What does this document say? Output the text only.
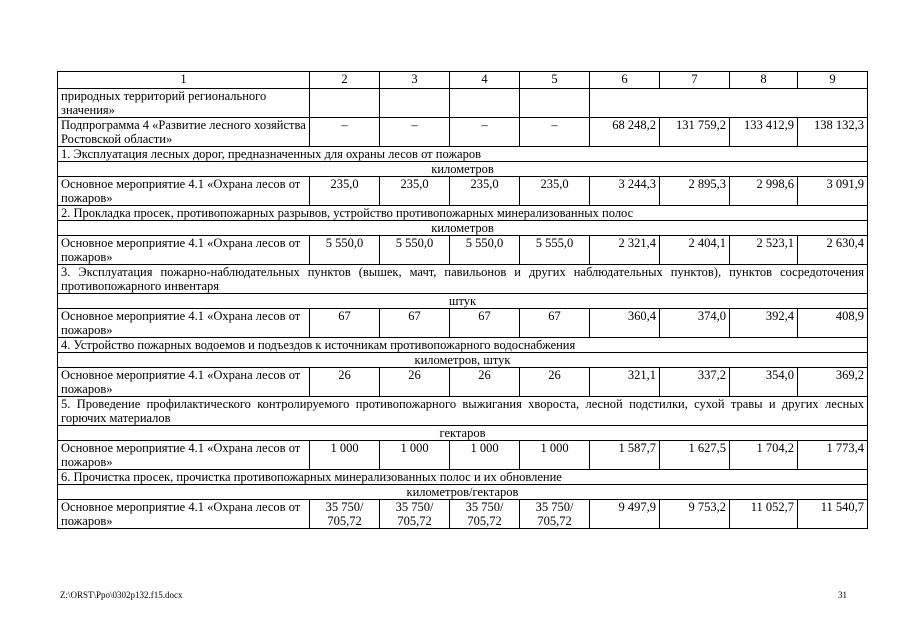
1	2	3	4	5	6	7	8	9
природных территорий регионального значения»								
Подпрограмма 4 «Развитие лесного хозяйства Ростовской области»	–	–	–	–	68 248,2	131 759,2	133 412,9	138 132,3
1. Эксплуатация лесных дорог, предназначенных для охраны лесов от пожаров								
километров								
Основное мероприятие 4.1 «Охрана лесов от пожаров»	235,0	235,0	235,0	235,0	3 244,3	2 895,3	2 998,6	3 091,9
2. Прокладка просек, противопожарных разрывов, устройство противопожарных минерализованных полос								
километров								
Основное мероприятие 4.1 «Охрана лесов от пожаров»	5 550,0	5 550,0	5 550,0	5 555,0	2 321,4	2 404,1	2 523,1	2 630,4
3. Эксплуатация пожарно-наблюдательных пунктов (вышек, мачт, павильонов и других наблюдательных пунктов), пунктов сосредоточения противопожарного инвентаря								
штук								
Основное мероприятие 4.1 «Охрана лесов от пожаров»	67	67	67	67	360,4	374,0	392,4	408,9
4. Устройство пожарных водоемов и подъездов к источникам противопожарного водоснабжения								
километров, штук								
Основное мероприятие 4.1 «Охрана лесов от пожаров»	26	26	26	26	321,1	337,2	354,0	369,2
5. Проведение профилактического контролируемого противопожарного выжигания хвороста, лесной подстилки, сухой травы и других лесных горючих материалов								
гектаров								
Основное мероприятие 4.1 «Охрана лесов от пожаров»	1 000	1 000	1 000	1 000	1 587,7	1 627,5	1 704,2	1 773,4
6. Прочистка просек, прочистка противопожарных минерализованных полос и их обновление								
километров/гектаров								
Основное мероприятие 4.1 «Охрана лесов от пожаров»	35 750/ 705,72	35 750/ 705,72	35 750/ 705,72	35 750/ 705,72	9 497,9	9 753,2	11 052,7	11 540,7
Z:\ORST\Ppo\0302p132.f15.docx	31
